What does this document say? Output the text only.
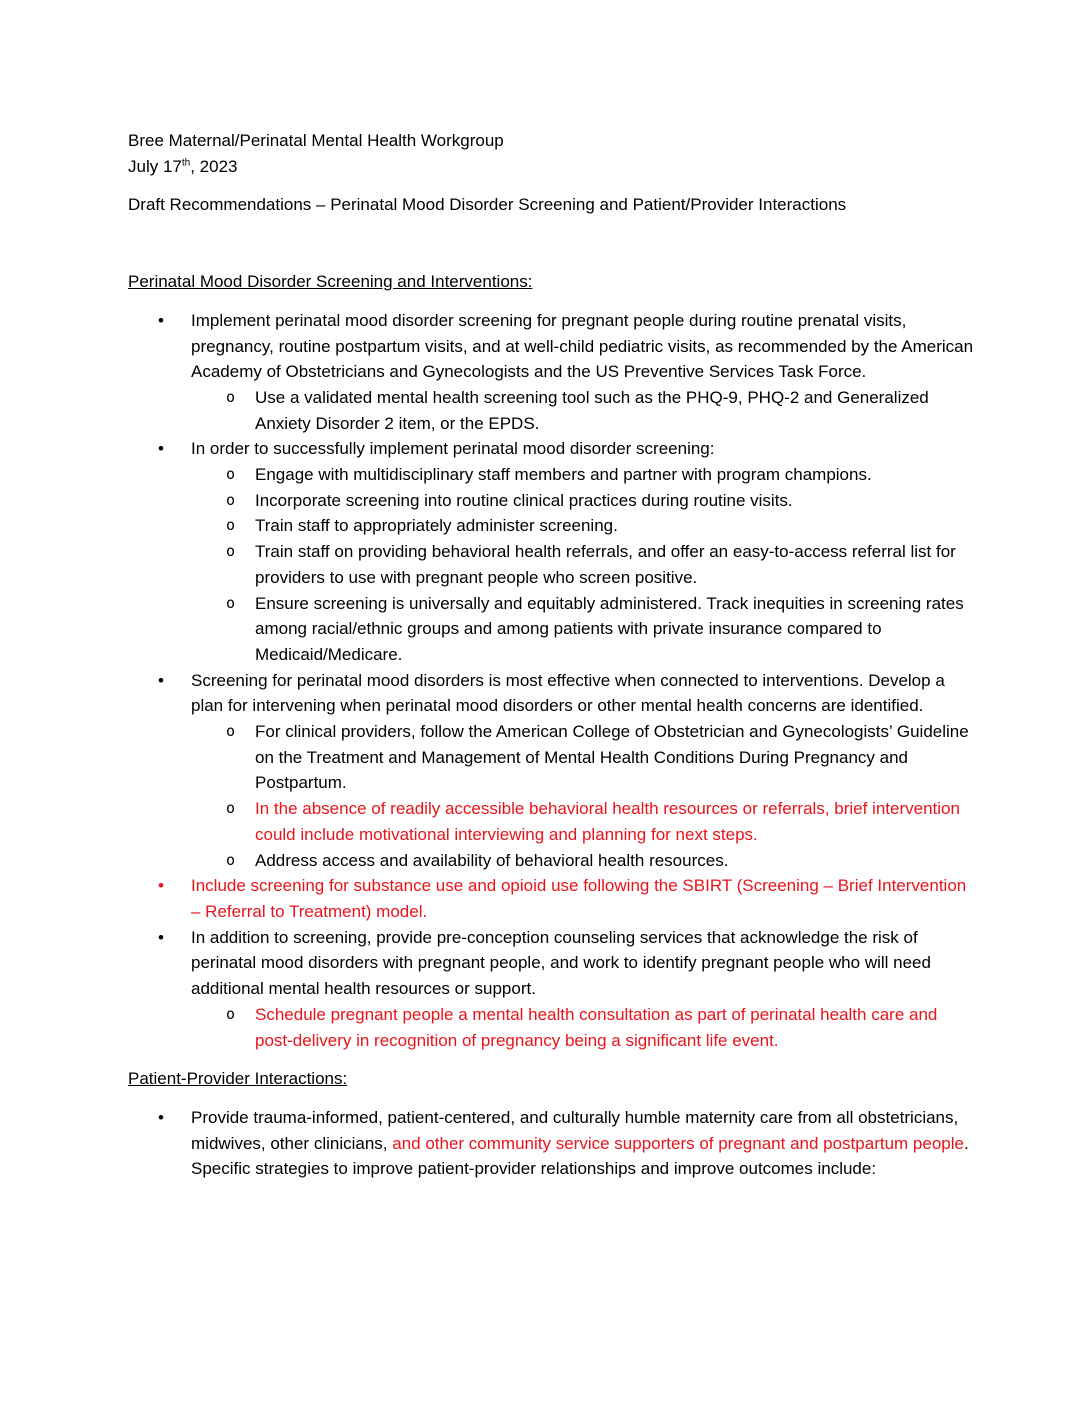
Bree Maternal/Perinatal Mental Health Workgroup

July 17th, 2023

Draft Recommendations – Perinatal Mood Disorder Screening and Patient/Provider Interactions

Perinatal Mood Disorder Screening and Interventions:

• Implement perinatal mood disorder screening for pregnant people during routine prenatal visits, pregnancy, routine postpartum visits, and at well-child pediatric visits, as recommended by the American Academy of Obstetricians and Gynecologists and the US Preventive Services Task Force.
o Use a validated mental health screening tool such as the PHQ-9, PHQ-2 and Generalized Anxiety Disorder 2 item, or the EPDS.
• In order to successfully implement perinatal mood disorder screening:
o Engage with multidisciplinary staff members and partner with program champions.
o Incorporate screening into routine clinical practices during routine visits.
o Train staff to appropriately administer screening.
o Train staff on providing behavioral health referrals, and offer an easy-to-access referral list for providers to use with pregnant people who screen positive.
o Ensure screening is universally and equitably administered. Track inequities in screening rates among racial/ethnic groups and among patients with private insurance compared to Medicaid/Medicare.
• Screening for perinatal mood disorders is most effective when connected to interventions. Develop a plan for intervening when perinatal mood disorders or other mental health concerns are identified.
o For clinical providers, follow the American College of Obstetrician and Gynecologists’ Guideline on the Treatment and Management of Mental Health Conditions During Pregnancy and Postpartum.
o In the absence of readily accessible behavioral health resources or referrals, brief intervention could include motivational interviewing and planning for next steps.
o Address access and availability of behavioral health resources.
• Include screening for substance use and opioid use following the SBIRT (Screening – Brief Intervention – Referral to Treatment) model.
• In addition to screening, provide pre-conception counseling services that acknowledge the risk of perinatal mood disorders with pregnant people, and work to identify pregnant people who will need additional mental health resources or support.
o Schedule pregnant people a mental health consultation as part of perinatal health care and post-delivery in recognition of pregnancy being a significant life event.

Patient-Provider Interactions:

• Provide trauma-informed, patient-centered, and culturally humble maternity care from all obstetricians, midwives, other clinicians, and other community service supporters of pregnant and postpartum people. Specific strategies to improve patient-provider relationships and improve outcomes include:
